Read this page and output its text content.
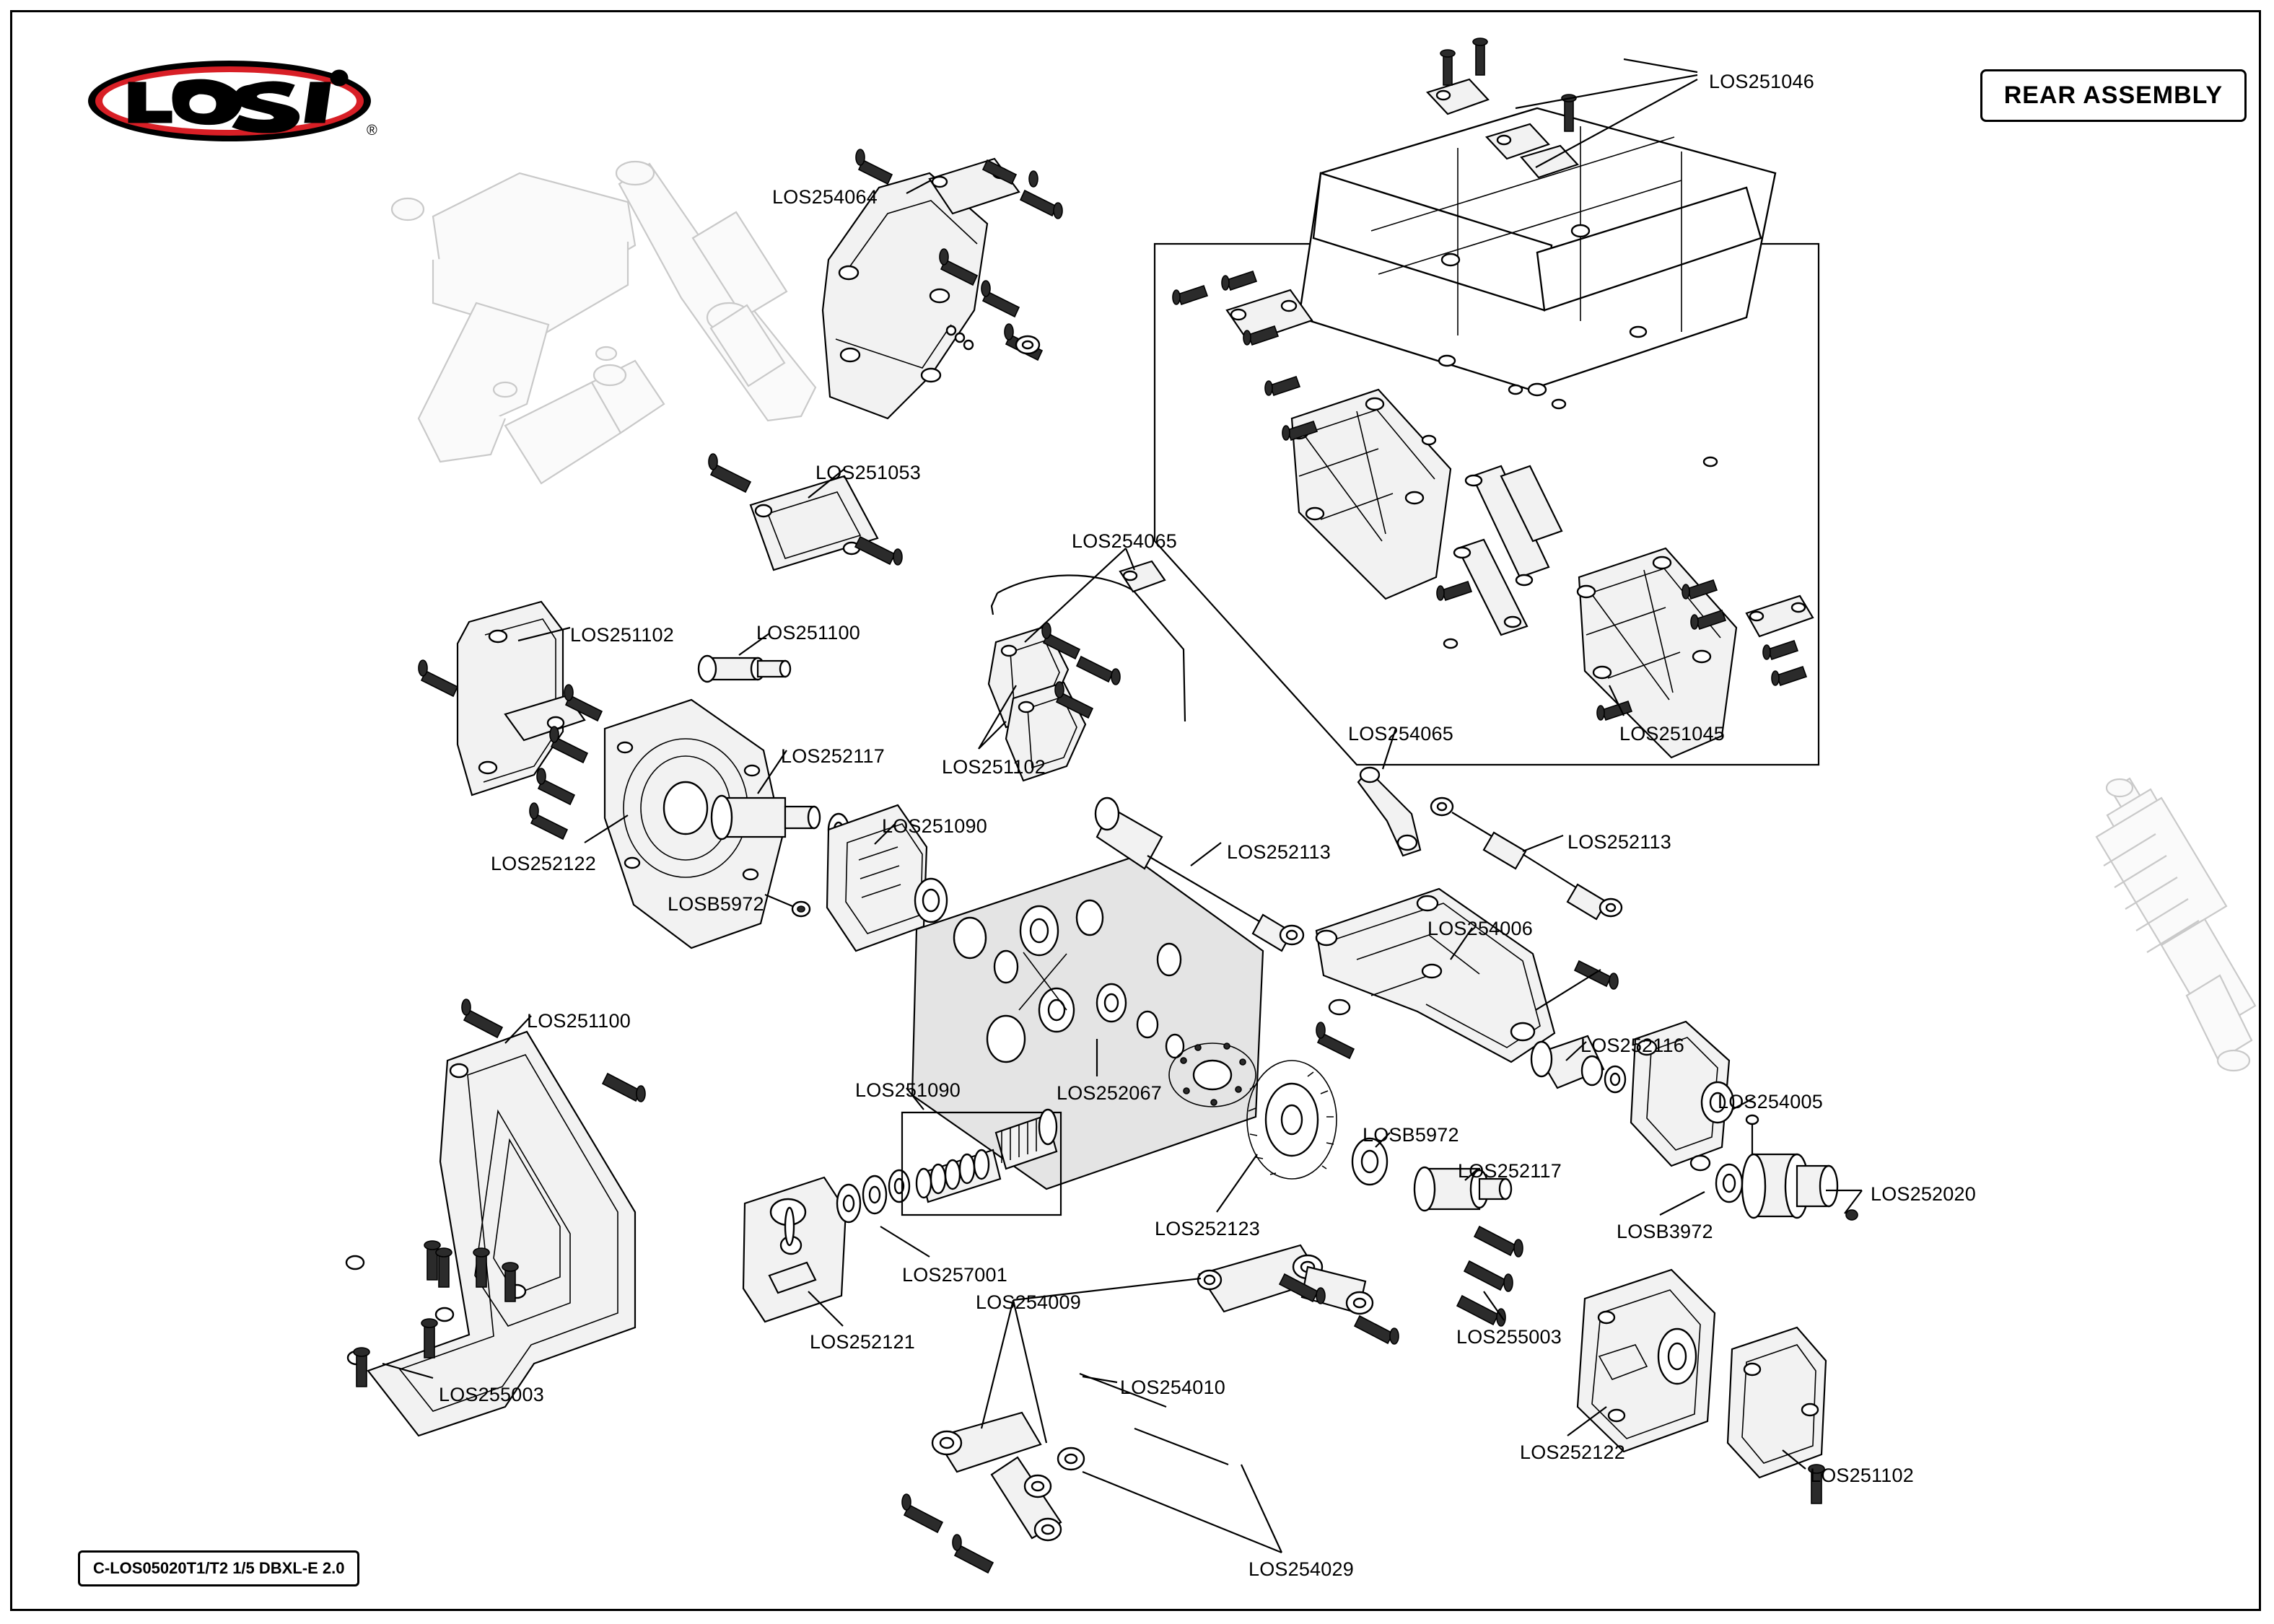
®
REAR ASSEMBLY
C-LOS05020T1/T2 1/5 DBXL-E 2.0
LOS251046
LOS254064
LOS251053
LOS254065
LOS251102	LOS251100
LOS254065	LOS251045
LOS251102
LOS252117
LOS252122
LOSB5972
LOS251090
LOS252113	LOS252113
LOS254006
LOS251100
LOS252116
LOS251090	LOS252067	LOS254005
LOSB5972
LOS252117
LOS252020
LOS252123	LOSB3972
LOS257001
LOS252121
LOS254009
LOS255003
LOS255003	LOS254010
LOS252122
LOS251102
LOS254029
